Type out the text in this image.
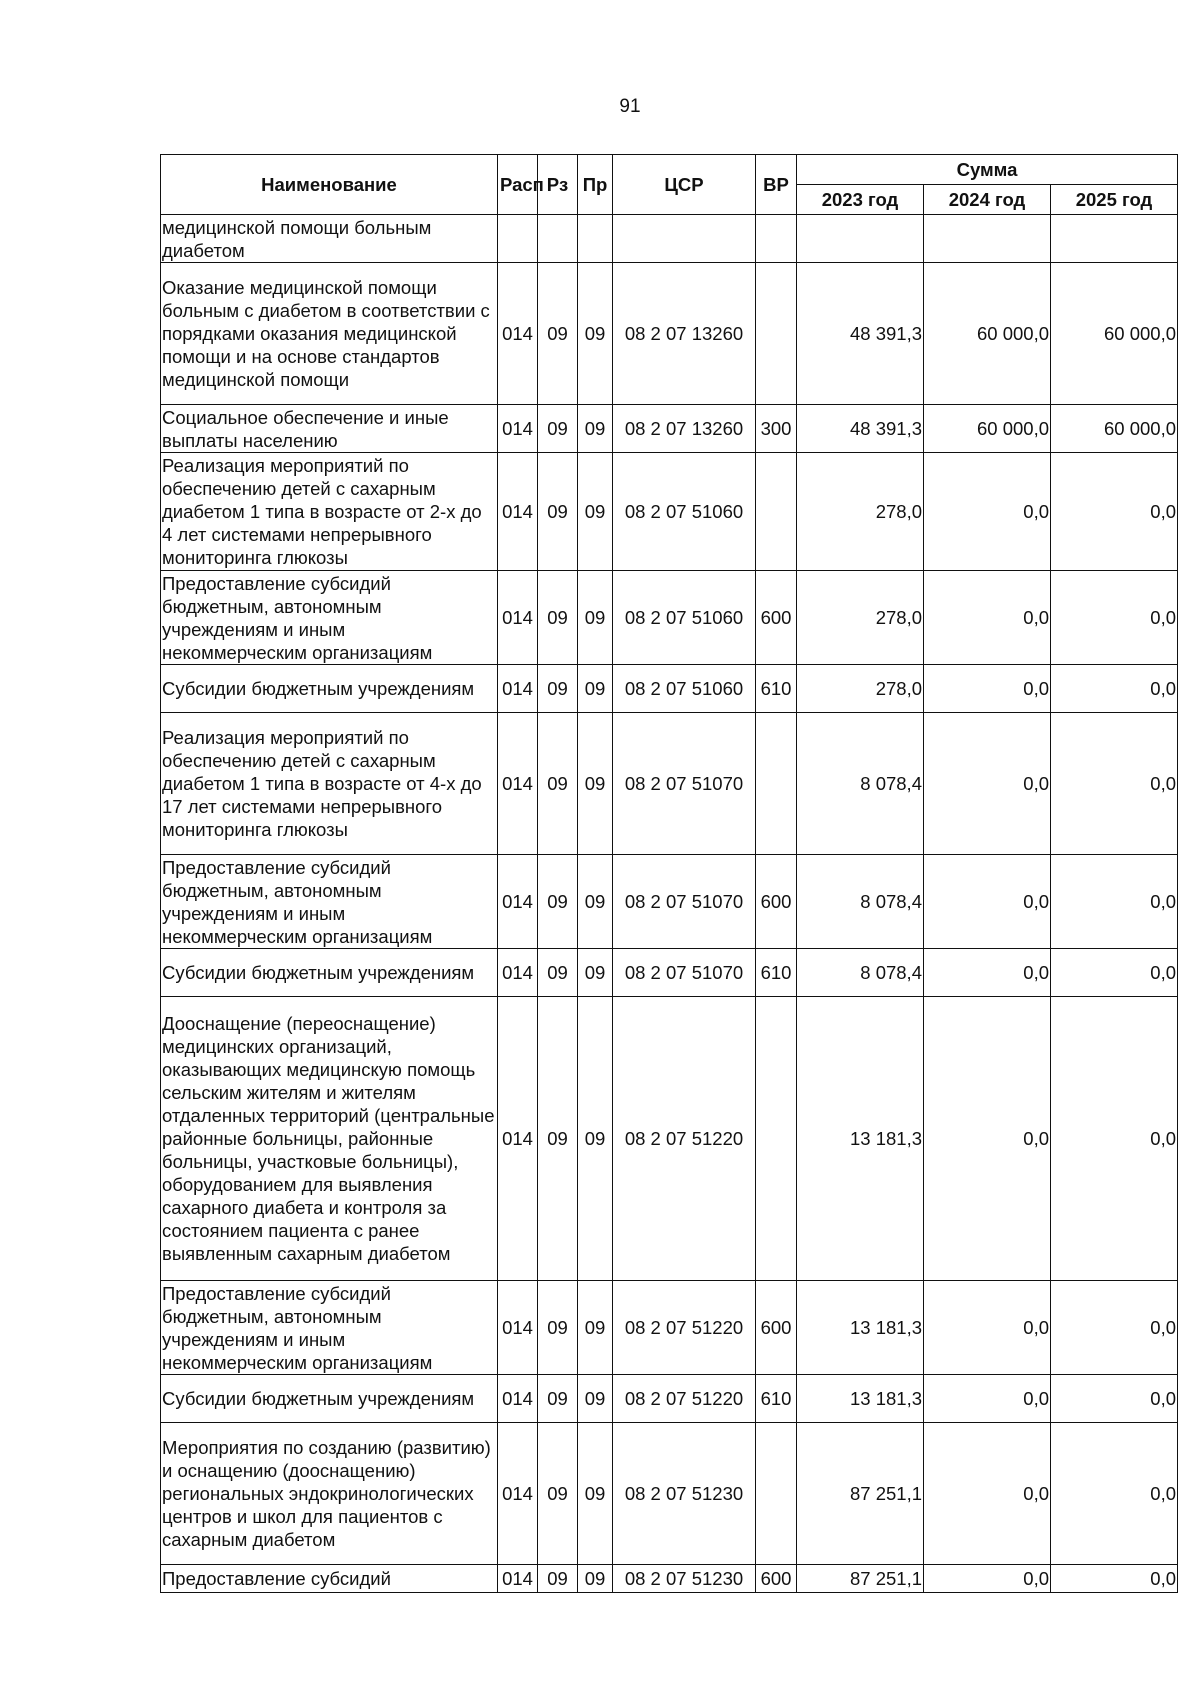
91
Наименование	Расп	Рз	Пр	ЦСР	ВР	Сумма		
						2023 год	2024 год	2025 год
медицинской помощи больным диабетом								
Оказание медицинской помощи больным с диабетом в соответствии с порядками оказания медицинской помощи и на основе стандартов медицинской помощи	014	09	09	08 2 07 13260		48 391,3	60 000,0	60 000,0
Социальное обеспечение и иные выплаты населению	014	09	09	08 2 07 13260	300	48 391,3	60 000,0	60 000,0
Реализация мероприятий по обеспечению детей с сахарным диабетом 1 типа в возрасте от 2-х до 4 лет системами непрерывного мониторинга глюкозы	014	09	09	08 2 07 51060		278,0	0,0	0,0
Предоставление субсидий бюджетным, автономным учреждениям и иным некоммерческим организациям	014	09	09	08 2 07 51060	600	278,0	0,0	0,0
Субсидии бюджетным учреждениям	014	09	09	08 2 07 51060	610	278,0	0,0	0,0
Реализация мероприятий по обеспечению детей с сахарным диабетом 1 типа в возрасте от 4-х до 17 лет системами непрерывного мониторинга глюкозы	014	09	09	08 2 07 51070		8 078,4	0,0	0,0
Предоставление субсидий бюджетным, автономным учреждениям и иным некоммерческим организациям	014	09	09	08 2 07 51070	600	8 078,4	0,0	0,0
Субсидии бюджетным учреждениям	014	09	09	08 2 07 51070	610	8 078,4	0,0	0,0
Дооснащение (переоснащение) медицинских организаций, оказывающих медицинскую помощь сельским жителям и жителям отдаленных территорий (центральные районные больницы, районные больницы, участковые больницы), оборудованием для выявления сахарного диабета и контроля за состоянием пациента с ранее выявленным сахарным диабетом	014	09	09	08 2 07 51220		13 181,3	0,0	0,0
Предоставление субсидий бюджетным, автономным учреждениям и иным некоммерческим организациям	014	09	09	08 2 07 51220	600	13 181,3	0,0	0,0
Субсидии бюджетным учреждениям	014	09	09	08 2 07 51220	610	13 181,3	0,0	0,0
Мероприятия по созданию (развитию) и оснащению (дооснащению) региональных эндокринологических центров и школ для пациентов с сахарным диабетом	014	09	09	08 2 07 51230		87 251,1	0,0	0,0
Предоставление субсидий	014	09	09	08 2 07 51230	600	87 251,1	0,0	0,0
